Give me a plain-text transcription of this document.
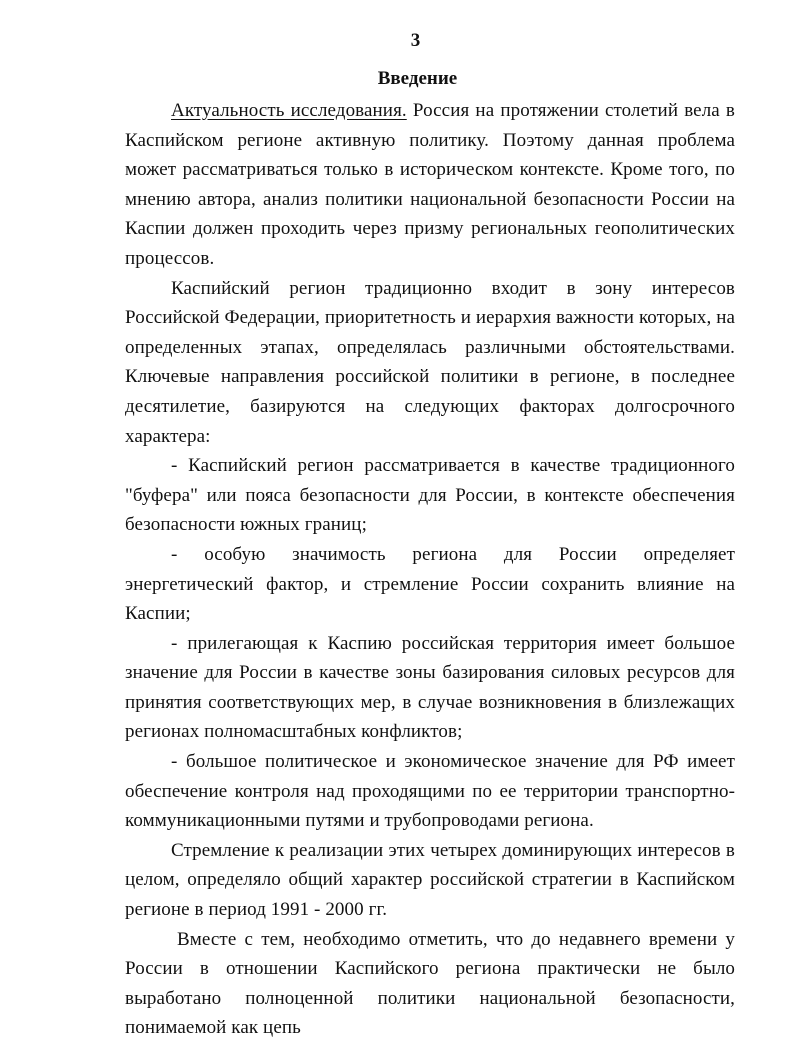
3
Введение

Актуальность исследования. Россия на протяжении столетий вела в Каспийском регионе активную политику. Поэтому данная проблема может рассматриваться только в историческом контексте. Кроме того, по мнению автора, анализ политики национальной безопасности России на Каспии должен проходить через призму региональных геополитических процессов.

Каспийский регион традиционно входит в зону интересов Российской Федерации, приоритетность и иерархия важности которых, на определенных этапах, определялась различными обстоятельствами. Ключевые направления российской политики в регионе, в последнее десятилетие, базируются на следующих факторах долгосрочного характера:

- Каспийский регион рассматривается в качестве традиционного "буфера" или пояса безопасности для России, в контексте обеспечения безопасности южных границ;

- особую значимость региона для России определяет энергетический фактор, и стремление России сохранить влияние на Каспии;

- прилегающая к Каспию российская территория имеет большое значение для России в качестве зоны базирования силовых ресурсов для принятия соответствующих мер, в случае возникновения в близлежащих регионах полномасштабных конфликтов;

- большое политическое и экономическое значение для РФ имеет обеспечение контроля над проходящими по ее территории транспортно-коммуникационными путями и трубопроводами региона.

Стремление к реализации этих четырех доминирующих интересов в целом, определяло общий характер российской стратегии в Каспийском регионе в период 1991 - 2000 гг.

Вместе с тем, необходимо отметить, что до недавнего времени у России в отношении Каспийского региона практически не было выработано полноценной политики национальной безопасности, понимаемой как цепь
